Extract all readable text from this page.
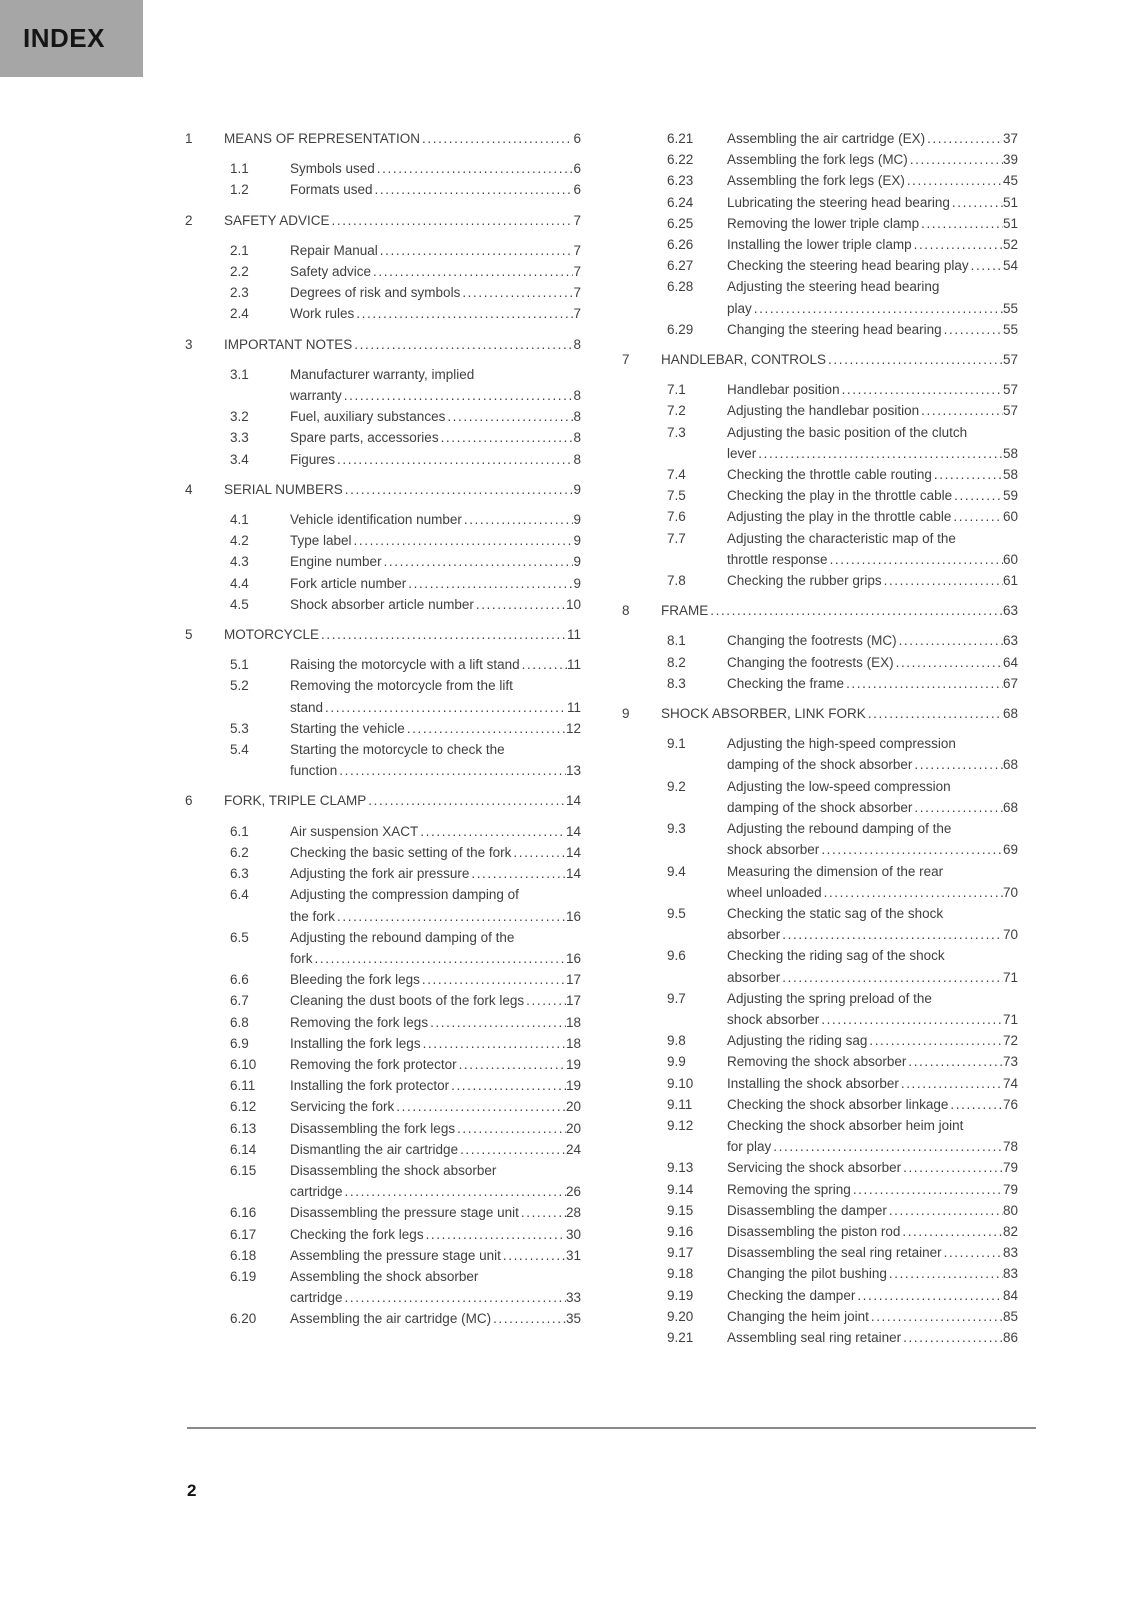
INDEX
1	MEANS OF REPRESENTATION .....	6
1.1	Symbols used .....	6
1.2	Formats used .....	6
2	SAFETY ADVICE .....	7
2.1	Repair Manual .....	7
2.2	Safety advice .....	7
2.3	Degrees of risk and symbols .....	7
2.4	Work rules .....	7
3	IMPORTANT NOTES .....	8
3.1	Manufacturer warranty, implied
warranty .....	8
3.2	Fuel, auxiliary substances .....	8
3.3	Spare parts, accessories .....	8
3.4	Figures .....	8
4	SERIAL NUMBERS .....	9
4.1	Vehicle identification number .....	9
4.2	Type label .....	9
4.3	Engine number .....	9
4.4	Fork article number .....	9
4.5	Shock absorber article number .....	10
5	MOTORCYCLE .....	11
5.1	Raising the motorcycle with a lift stand .....	11
5.2	Removing the motorcycle from the lift
stand .....	11
5.3	Starting the vehicle .....	12
5.4	Starting the motorcycle to check the
function .....	13
6	FORK, TRIPLE CLAMP .....	14
6.1	Air suspension XACT .....	14
6.2	Checking the basic setting of the fork .....	14
6.3	Adjusting the fork air pressure .....	14
6.4	Adjusting the compression damping of
the fork .....	16
6.5	Adjusting the rebound damping of the
fork .....	16
6.6	Bleeding the fork legs .....	17
6.7	Cleaning the dust boots of the fork legs .....	17
6.8	Removing the fork legs .....	18
6.9	Installing the fork legs .....	18
6.10	Removing the fork protector .....	19
6.11	Installing the fork protector .....	19
6.12	Servicing the fork .....	20
6.13	Disassembling the fork legs .....	20
6.14	Dismantling the air cartridge .....	24
6.15	Disassembling the shock absorber
cartridge .....	26
6.16	Disassembling the pressure stage unit .....	28
6.17	Checking the fork legs .....	30
6.18	Assembling the pressure stage unit .....	31
6.19	Assembling the shock absorber
cartridge .....	33
6.20	Assembling the air cartridge (MC) .....	35
6.21	Assembling the air cartridge (EX) .....	37
6.22	Assembling the fork legs (MC) .....	39
6.23	Assembling the fork legs (EX) .....	45
6.24	Lubricating the steering head bearing .....	51
6.25	Removing the lower triple clamp .....	51
6.26	Installing the lower triple clamp .....	52
6.27	Checking the steering head bearing play .....	54
6.28	Adjusting the steering head bearing
play .....	55
6.29	Changing the steering head bearing .....	55
7	HANDLEBAR, CONTROLS .....	57
7.1	Handlebar position .....	57
7.2	Adjusting the handlebar position .....	57
7.3	Adjusting the basic position of the clutch
lever .....	58
7.4	Checking the throttle cable routing .....	58
7.5	Checking the play in the throttle cable .....	59
7.6	Adjusting the play in the throttle cable .....	60
7.7	Adjusting the characteristic map of the
throttle response .....	60
7.8	Checking the rubber grips .....	61
8	FRAME .....	63
8.1	Changing the footrests (MC) .....	63
8.2	Changing the footrests (EX) .....	64
8.3	Checking the frame .....	67
9	SHOCK ABSORBER, LINK FORK .....	68
9.1	Adjusting the high-speed compression
damping of the shock absorber .....	68
9.2	Adjusting the low-speed compression
damping of the shock absorber .....	68
9.3	Adjusting the rebound damping of the
shock absorber .....	69
9.4	Measuring the dimension of the rear
wheel unloaded .....	70
9.5	Checking the static sag of the shock
absorber .....	70
9.6	Checking the riding sag of the shock
absorber .....	71
9.7	Adjusting the spring preload of the
shock absorber .....	71
9.8	Adjusting the riding sag .....	72
9.9	Removing the shock absorber .....	73
9.10	Installing the shock absorber .....	74
9.11	Checking the shock absorber linkage .....	76
9.12	Checking the shock absorber heim joint
for play .....	78
9.13	Servicing the shock absorber .....	79
9.14	Removing the spring .....	79
9.15	Disassembling the damper .....	80
9.16	Disassembling the piston rod .....	82
9.17	Disassembling the seal ring retainer .....	83
9.18	Changing the pilot bushing .....	83
9.19	Checking the damper .....	84
9.20	Changing the heim joint .....	85
9.21	Assembling seal ring retainer .....	86
2
